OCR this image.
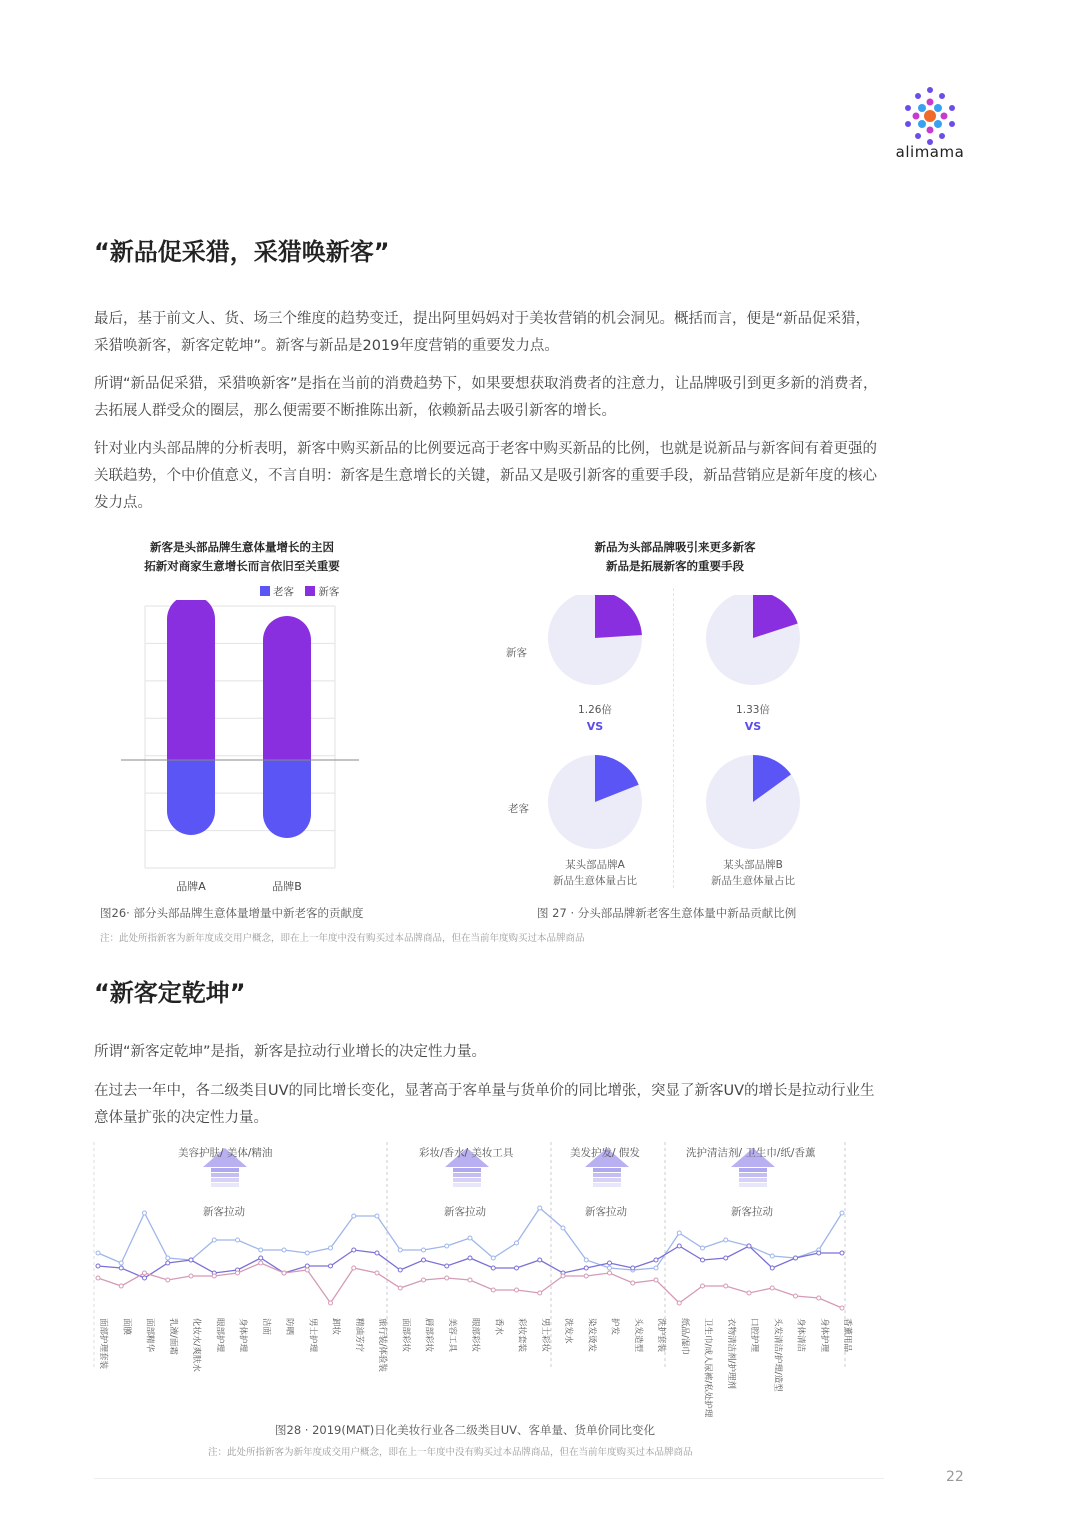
alimama
“新品促采猎，采猎唤新客”
最后，基于前文人、货、场三个维度的趋势变迁，提出阿里妈妈对于美妆营销的机会洞见。概括而言，便是“新品促采猎，采猎唤新客，新客定乾坤”。新客与新品是2019年度营销的重要发力点。
所谓“新品促采猎，采猎唤新客”是指在当前的消费趋势下，如果要想获取消费者的注意力，让品牌吸引到更多新的消费者，去拓展人群受众的圈层，那么便需要不断推陈出新，依赖新品去吸引新客的增长。
针对业内头部品牌的分析表明，新客中购买新品的比例要远高于老客中购买新品的比例，也就是说新品与新客间有着更强的关联趋势，个中价值意义，不言自明：新客是生意增长的关键，新品又是吸引新客的重要手段，新品营销应是新年度的核心发力点。
新客是头部品牌生意体量增长的主因
拓新对商家生意增长而言依旧至关重要
老客 新客
品牌A	品牌B
图26· 部分头部品牌生意体量增量中新老客的贡献度
注：此处所指新客为新年度成交用户概念，即在上一年度中没有购买过本品牌商品，但在当前年度购买过本品牌商品
新品为头部品牌吸引来更多新客
新品是拓展新客的重要手段
新客
老客
1.26倍
VS
1.33倍
VS
某头部品牌A
新品生意体量占比
某头部品牌B
新品生意体量占比
图 27 · 分头部品牌新老客生意体量中新品贡献比例
“新客定乾坤”
所谓“新客定乾坤”是指，新客是拉动行业增长的决定性力量。
在过去一年中，各二级类目UV的同比增长变化，显著高于客单量与货单价的同比增张，突显了新客UV的增长是拉动行业生意体量扩张的决定性力量。
面部护理套装 面膜 面部精华 乳液/面霜 化妆水/爽肤水 眼部护理 身体护理 洁面 防晒 男士护理 卸妆 精油芳疗 旅行装/体验装 面部彩妆 唇部彩妆 美容工具 眼部彩妆 香水 彩妆套装 男士彩妆 洗发水 染发烫发 护发 头发造型 洗护套装 纸品/湿巾 卫生巾/成人尿裤/私处护理 衣物清洁剂/护理剂 口腔护理 头发清洁/护理/造型 身体清洁 身体护理 香薰用品
美容护肤/ 美体/精油	彩妆/香水/ 美妆工具	美发护发/ 假发	洗护清洁剂/ 卫生巾/纸/香薰
新客拉动	新客拉动	新客拉动	新客拉动
图28 · 2019(MAT)日化美妆行业各二级类目UV、客单量、货单价同比变化
注：此处所指新客为新年度成交用户概念，即在上一年度中没有购买过本品牌商品，但在当前年度购买过本品牌商品
22
